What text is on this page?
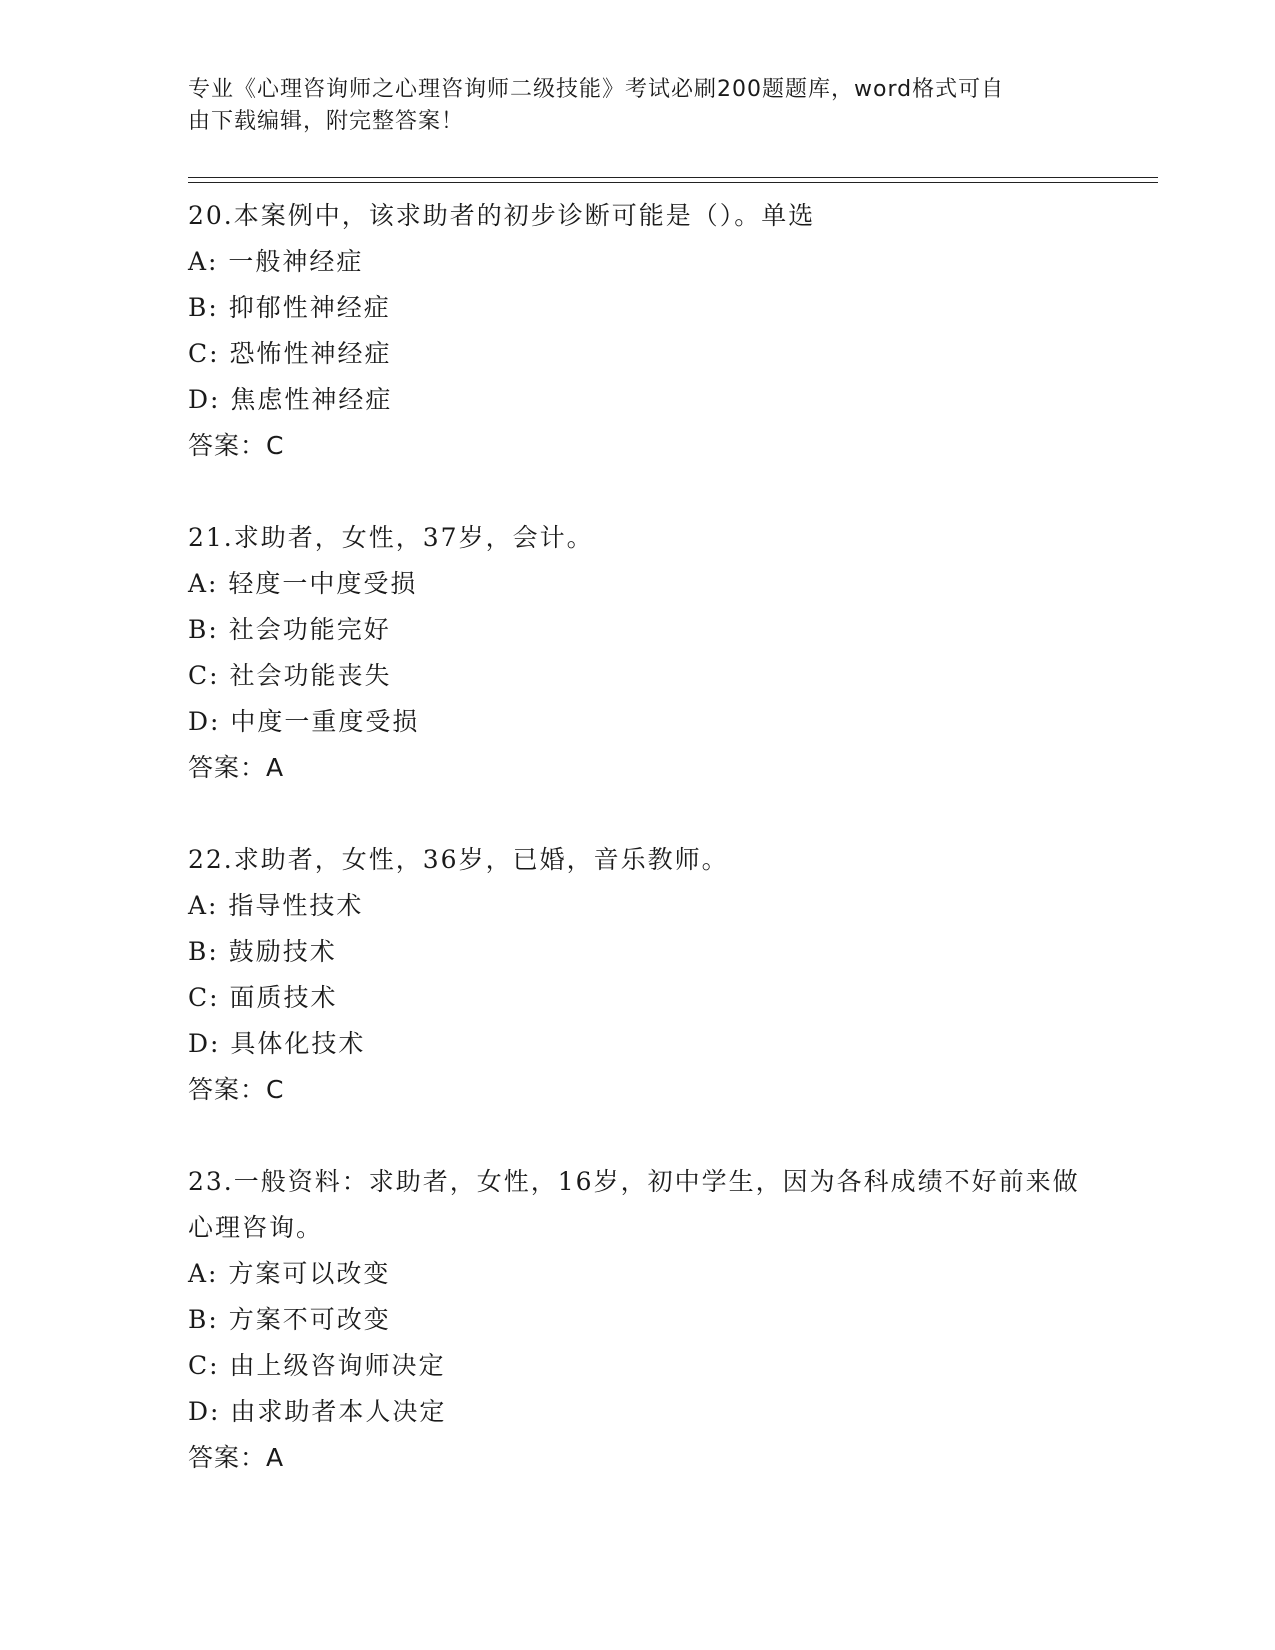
专业《心理咨询师之心理咨询师二级技能》考试必刷200题题库，word格式可自
由下载编辑，附完整答案！
20.本案例中，该求助者的初步诊断可能是（）。单选
A: 一般神经症
B: 抑郁性神经症
C: 恐怖性神经症
D: 焦虑性神经症
答案：C
21.求助者，女性，37岁，会计。
A: 轻度一中度受损
B: 社会功能完好
C: 社会功能丧失
D: 中度一重度受损
答案：A
22.求助者，女性，36岁，已婚，音乐教师。
A: 指导性技术
B: 鼓励技术
C: 面质技术
D: 具体化技术
答案：C
23.一般资料：求助者，女性，16岁，初中学生，因为各科成绩不好前来做心理咨询。
A: 方案可以改变
B: 方案不可改变
C: 由上级咨询师决定
D: 由求助者本人决定
答案：A
